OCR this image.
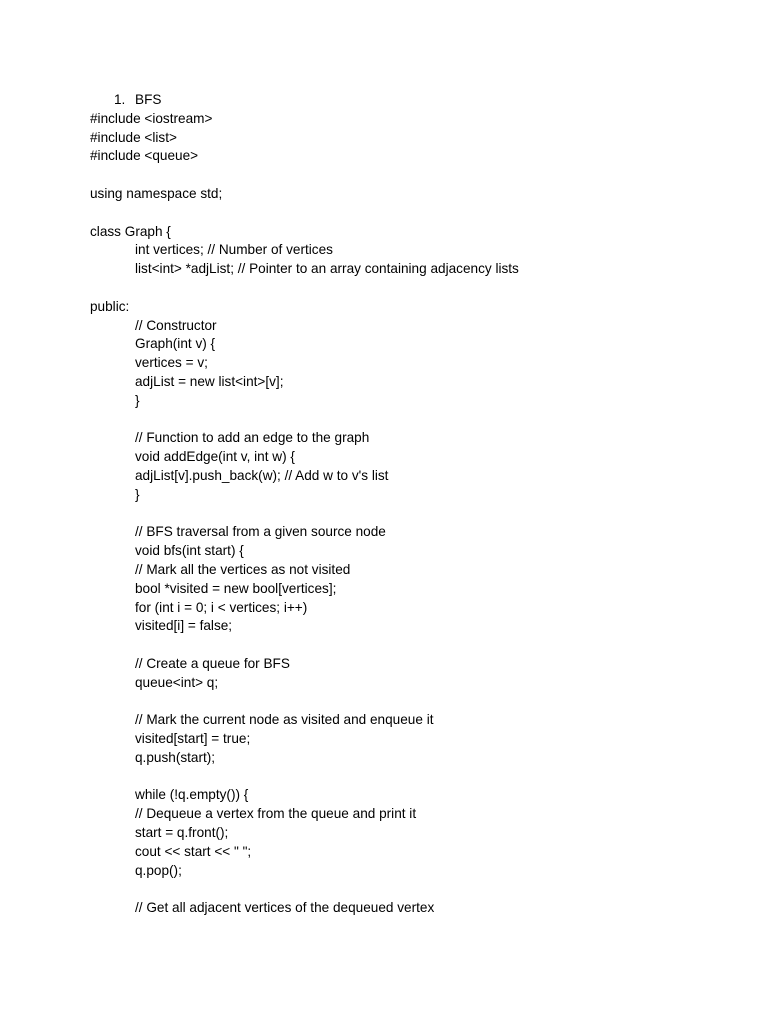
1. BFS
#include <iostream>
#include <list>
#include <queue>
using namespace std;
class Graph {
int vertices; // Number of vertices
list<int> *adjList; // Pointer to an array containing adjacency lists
public:
// Constructor
Graph(int v) {
vertices = v;
adjList = new list<int>[v];
}
// Function to add an edge to the graph
void addEdge(int v, int w) {
adjList[v].push_back(w); // Add w to v's list
}
// BFS traversal from a given source node
void bfs(int start) {
// Mark all the vertices as not visited
bool *visited = new bool[vertices];
for (int i = 0; i < vertices; i++)
visited[i] = false;
// Create a queue for BFS
queue<int> q;
// Mark the current node as visited and enqueue it
visited[start] = true;
q.push(start);
while (!q.empty()) {
// Dequeue a vertex from the queue and print it
start = q.front();
cout << start << " ";
q.pop();
// Get all adjacent vertices of the dequeued vertex
